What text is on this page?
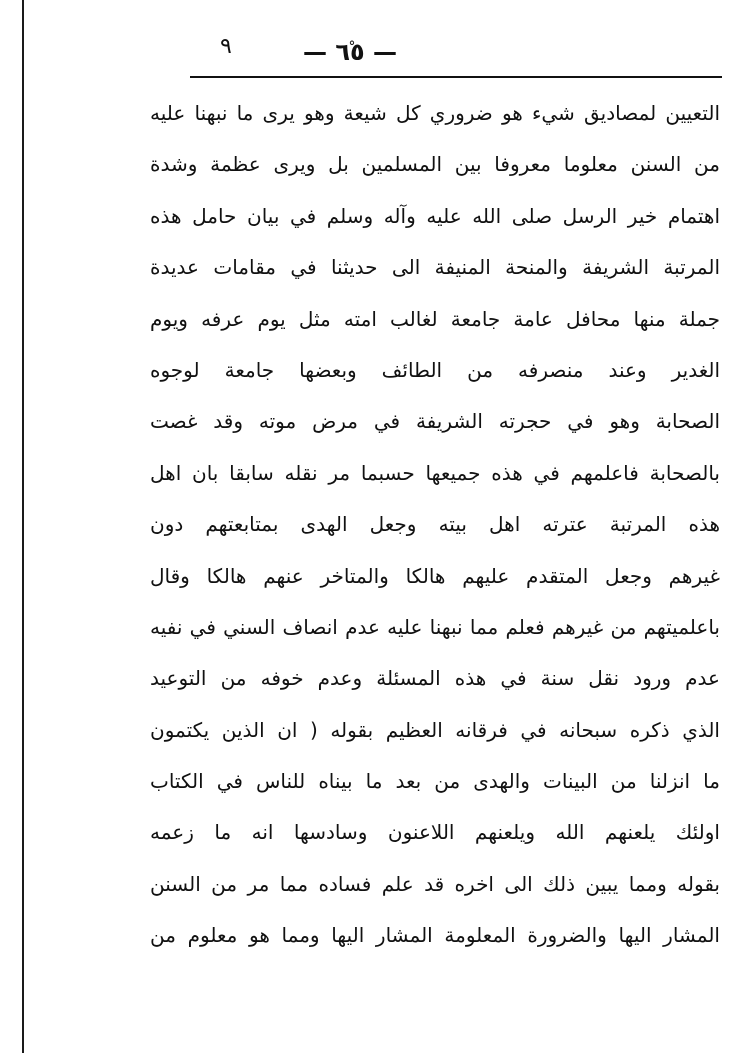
٩	— ٦٥ —
التعيين لمصاديق شيء هو ضروري كل شيعة وهو يرى ما نبهنا عليه
من السنن معلوما معروفا بين المسلمين بل ويرى عظمة وشدة
اهتمام خير الرسل صلى الله عليه وآله وسلم في بيان حامل هذه
المرتبة الشريفة والمنحة المنيفة الى حديثنا في مقامات عديدة
جملة منها محافل عامة جامعة لغالب امته مثل يوم عرفه ويوم
الغدير وعند منصرفه من الطائف وبعضها جامعة لوجوه
الصحابة وهو في حجرته الشريفة في مرض موته وقد غصت
بالصحابة فاعلمهم في هذه جميعها حسبما مر نقله سابقا بان اهل
هذه المرتبة عترته اهل بيته وجعل الهدى بمتابعتهم دون
غيرهم وجعل المتقدم عليهم هالكا والمتاخر عنهم هالكا وقال
باعلميتهم من غيرهم فعلم مما نبهنا عليه عدم انصاف السني في نفيه
عدم ورود نقل سنة في هذه المسئلة وعدم خوفه من التوعيد
الذي ذكره سبحانه في فرقانه العظيم بقوله ( ان الذين يكتمون
ما انزلنا من البينات والهدى من بعد ما بيناه للناس في الكتاب
اولئك يلعنهم الله ويلعنهم اللاعنون وسادسها انه ما زعمه
بقوله ومما يبين ذلك الى اخره قد علم فساده مما مر من السنن
المشار اليها والضرورة المعلومة المشار اليها ومما هو معلوم من
